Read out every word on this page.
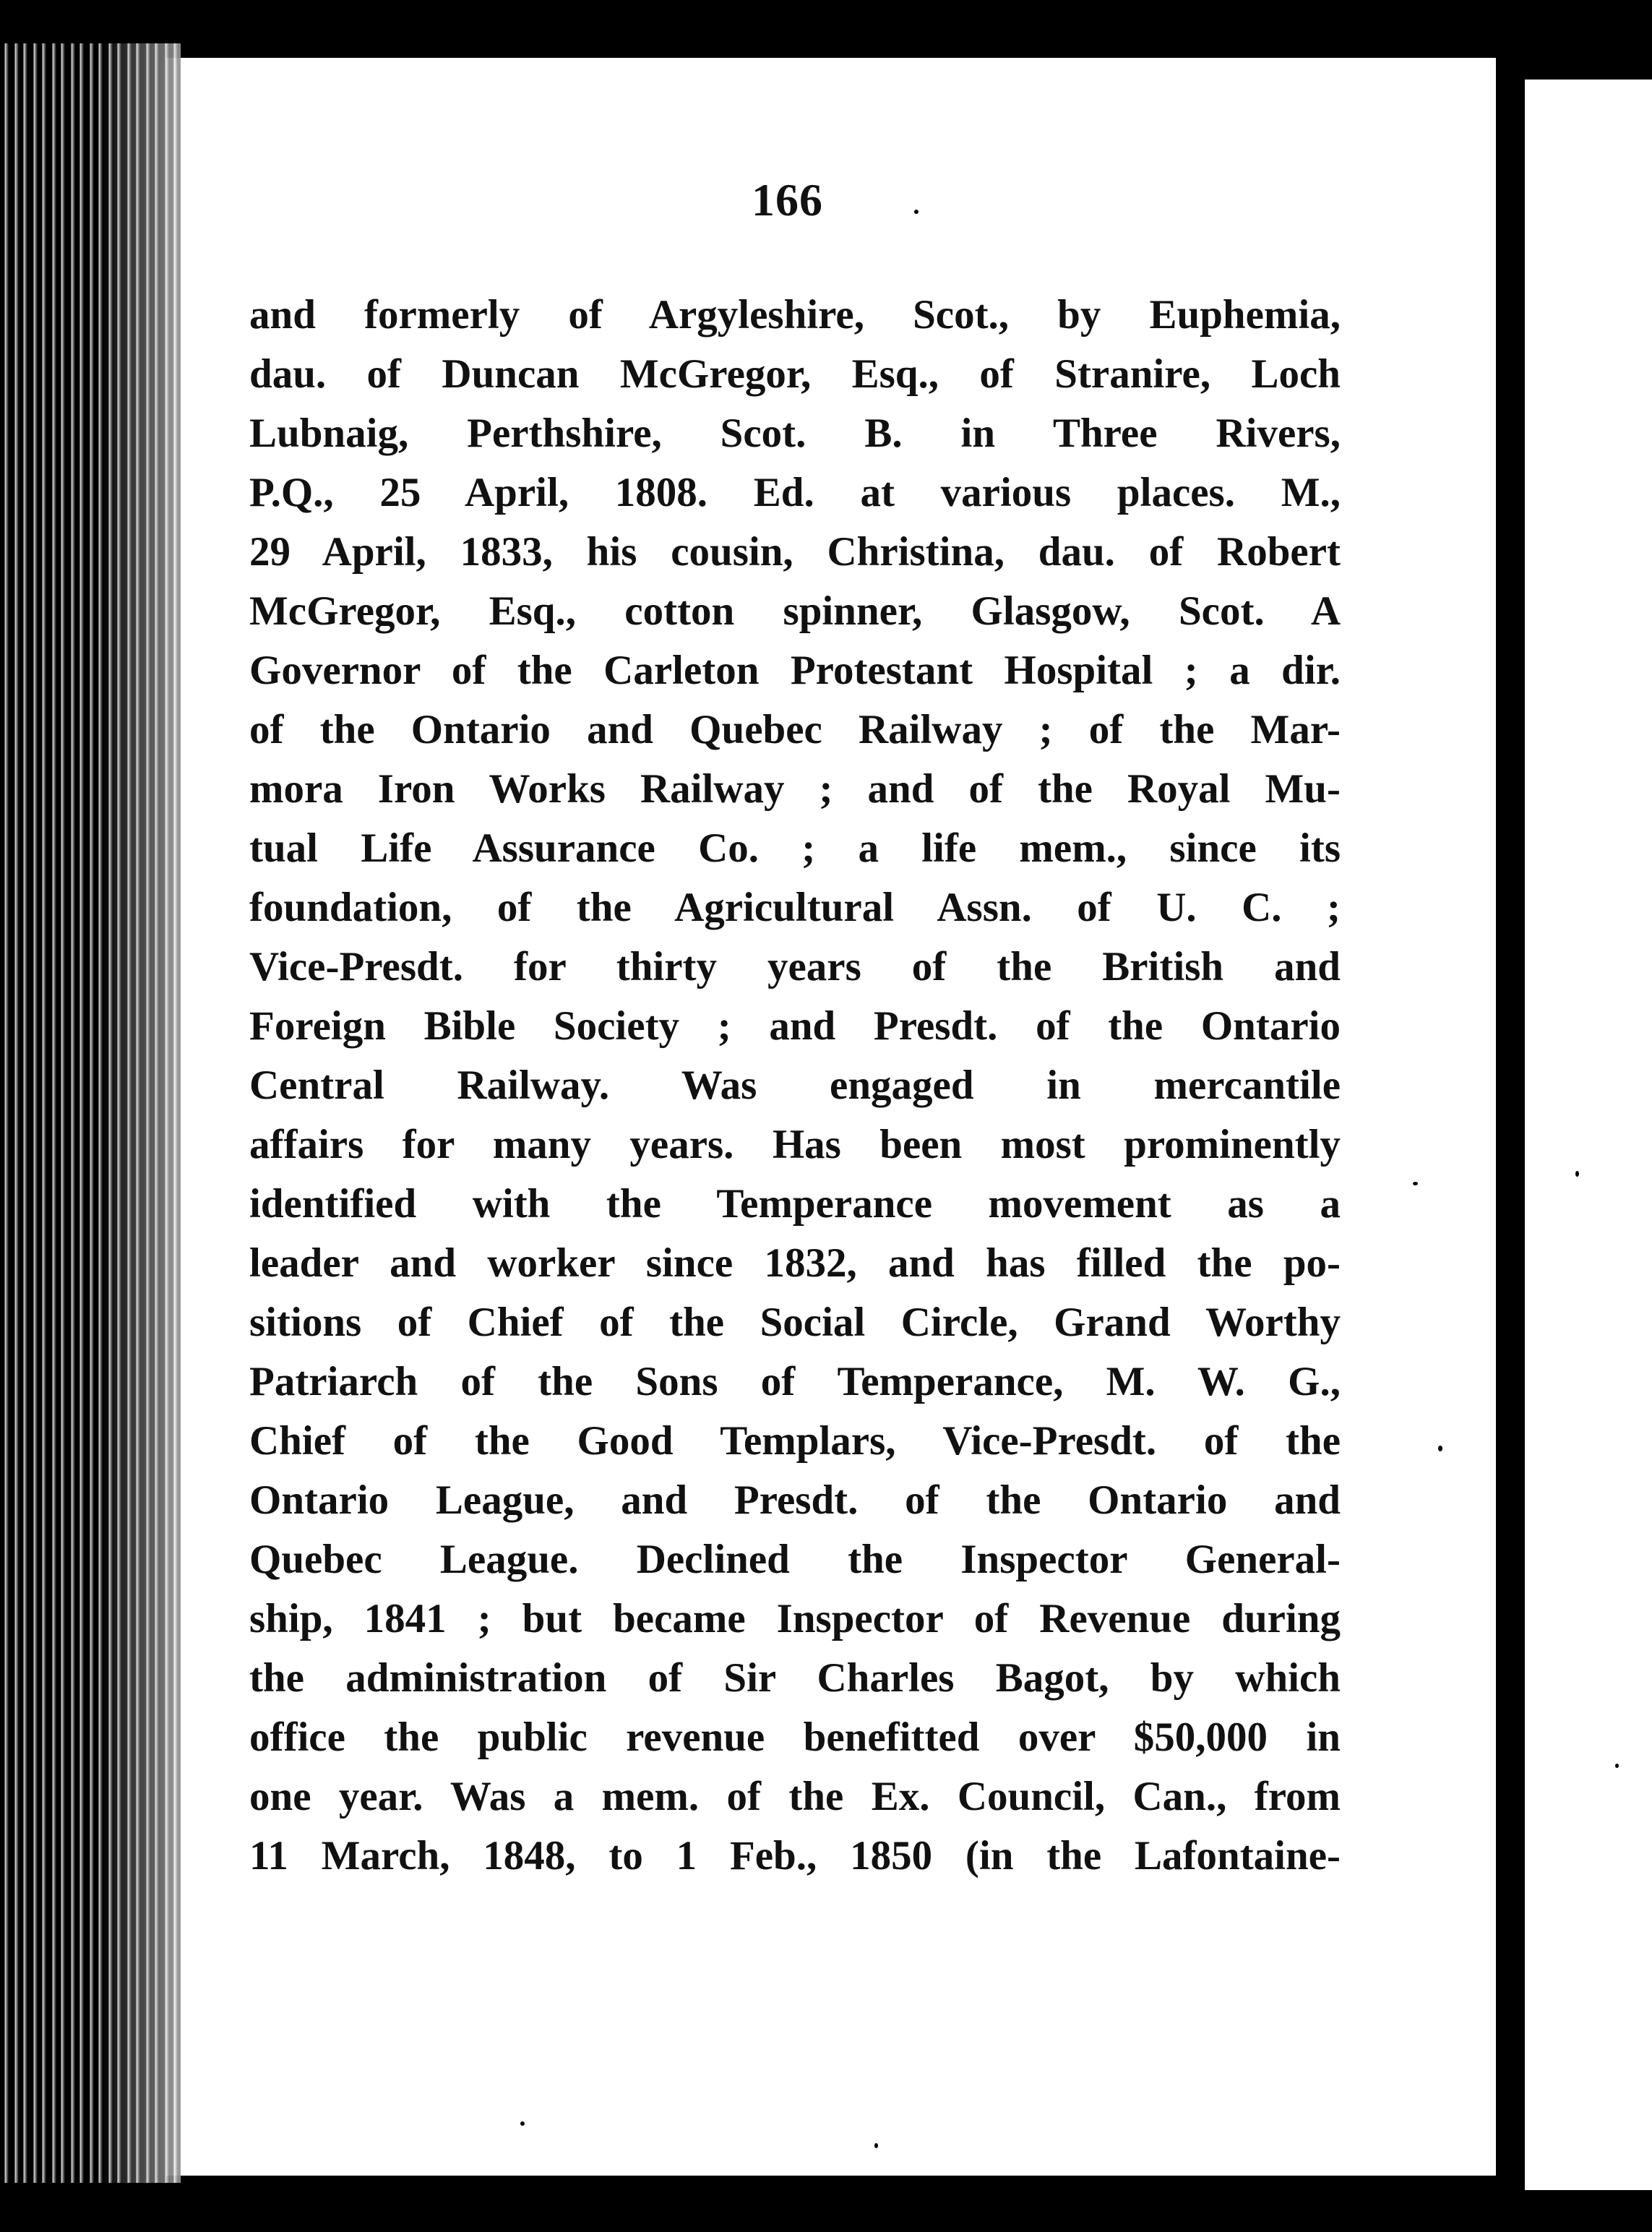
166
and formerly of Argyleshire, Scot., by Euphemia,
dau. of Duncan McGregor, Esq., of Stranire, Loch
Lubnaig, Perthshire, Scot. B. in Three Rivers,
P.Q., 25 April, 1808. Ed. at various places. M.,
29 April, 1833, his cousin, Christina, dau. of Robert
McGregor, Esq., cotton spinner, Glasgow, Scot. A
Governor of the Carleton Protestant Hospital ; a dir.
of the Ontario and Quebec Railway ; of the Mar-
mora Iron Works Railway ; and of the Royal Mu-
tual Life Assurance Co. ; a life mem., since its
foundation, of the Agricultural Assn. of U. C. ;
Vice-Presdt. for thirty years of the British and
Foreign Bible Society ; and Presdt. of the Ontario
Central Railway. Was engaged in mercantile
affairs for many years. Has been most prominently
identified with the Temperance movement as a
leader and worker since 1832, and has filled the po-
sitions of Chief of the Social Circle, Grand Worthy
Patriarch of the Sons of Temperance, M. W. G.,
Chief of the Good Templars, Vice-Presdt. of the
Ontario League, and Presdt. of the Ontario and
Quebec League. Declined the Inspector General-
ship, 1841 ; but became Inspector of Revenue during
the administration of Sir Charles Bagot, by which
office the public revenue benefitted over $50,000 in
one year. Was a mem. of the Ex. Council, Can., from
11 March, 1848, to 1 Feb., 1850 (in the Lafontaine-
